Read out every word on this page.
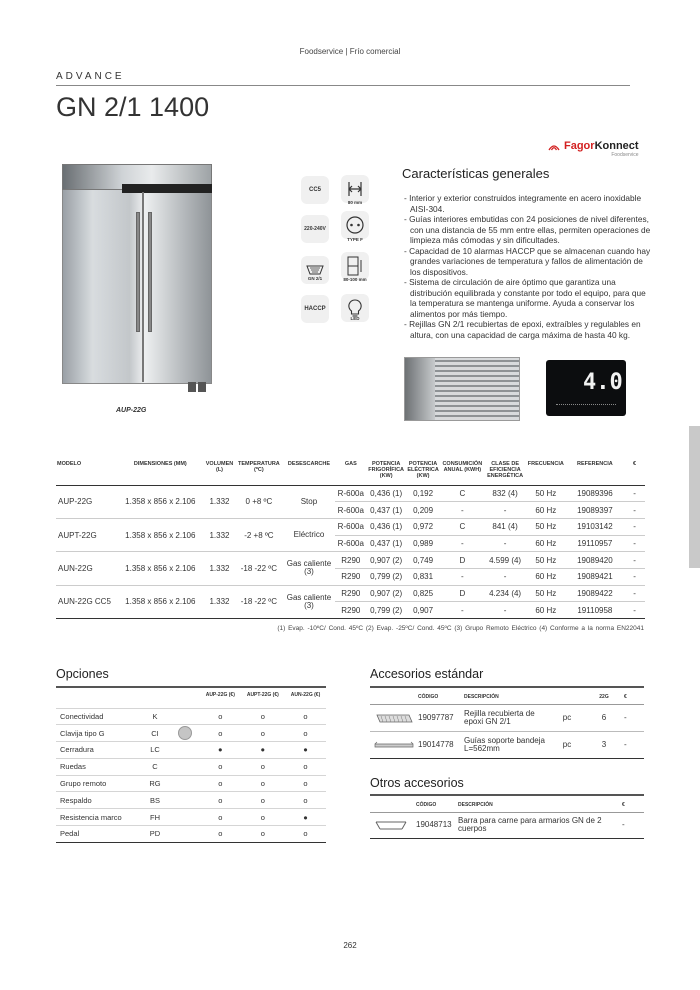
Foodservice | Frío comercial
ADVANCE
GN 2/1 1400
FagorKonnect
Foodservice
AUP-22G
CC5
80 mm
220-240V
TYPE F
GN 2/1	80-100 mm
HACCP
LED
Características generales
- Interior y exterior construidos integramente en acero inoxidable AISI-304.
- Guías interiores embutidas con 24 posiciones de nivel diferentes, con una distancia de 55 mm entre ellas, permiten operaciones de limpieza más cómodas y sin dificultades.
- Capacidad de 10 alarmas HACCP que se almacenan cuando hay grandes variaciones de temperatura y fallos de alimentación de los dispositivos.
- Sistema de circulación de aire óptimo que garantiza una distribución equilibrada y constante por todo el equipo, para que la temperatura se mantenga uniforme. Ayuda a conservar los alimentos por más tiempo.
- Rejillas GN 2/1 recubiertas de epoxi, extraíbles y regulables en altura, con una capacidad de carga máxima de hasta 40 kg.
4.0
MODELO	DIMENSIONES (MM)	VOLUMEN (L)	TEMPERATURA (ºC)	DESESCARCHE	GAS	POTENCIA FRIGORÍFICA (KW)	POTENCIA ELÉCTRICA (KW)	CONSUMICIÓN ANUAL (KWH)	CLASE DE EFICIENCIA ENERGÉTICA	FRECUENCIA	REFERENCIA	€
AUP-22G	1.358 x 856 x 2.106	1.332	0 +8 ºC	Stop	R-600a	0,436 (1)	0,192	C	832 (4)	50 Hz	19089396	-
					R-600a	0,437 (1)	0,209	-	-	60 Hz	19089397	-
AUPT-22G	1.358 x 856 x 2.106	1.332	-2 +8 ºC	Eléctrico	R-600a	0,436 (1)	0,972	C	841 (4)	50 Hz	19103142	-
					R-600a	0,437 (1)	0,989	-	-	60 Hz	19110957	-
AUN-22G	1.358 x 856 x 2.106	1.332	-18 -22 ºC	Gas caliente (3)	R290	0,907 (2)	0,749	D	4.599 (4)	50 Hz	19089420	-
					R290	0,799 (2)	0,831	-	-	60 Hz	19089421	-
AUN-22G CC5	1.358 x 856 x 2.106	1.332	-18 -22 ºC	Gas caliente (3)	R290	0,907 (2)	0,825	D	4.234 (4)	50 Hz	19089422	-
					R290	0,799 (2)	0,907	-	-	60 Hz	19110958	-
(1) Evap. -10ºC/ Cond. 45ºC (2) Evap. -25ºC/ Cond. 45ºC (3) Grupo Remoto Eléctrico (4) Conforme a la norma EN22041
Opciones
			AUP-22G (€)	AUPT-22G (€)	AUN-22G (€)
Conectividad	K		o	o	o
Clavija tipo G	CI		o	o	o
Cerradura	LC		●	●	●
Ruedas	C		o	o	o
Grupo remoto	RG		o	o	o
Respaldo	BS		o	o	o
Resistencia marco	FH		o	o	●
Pedal	PD		o	o	o
Accesorios estándar
	CÓDIGO	DESCRIPCIÓN		22G	€

	19097787	Rejilla recubierta de epoxi GN 2/1	pc	6	-

	19014778	Guías soporte bandeja L=562mm	pc	3	-
Otros accesorios
	CÓDIGO	DESCRIPCIÓN	€

	19048713	Barra para carne para armarios GN de 2 cuerpos	-
262
